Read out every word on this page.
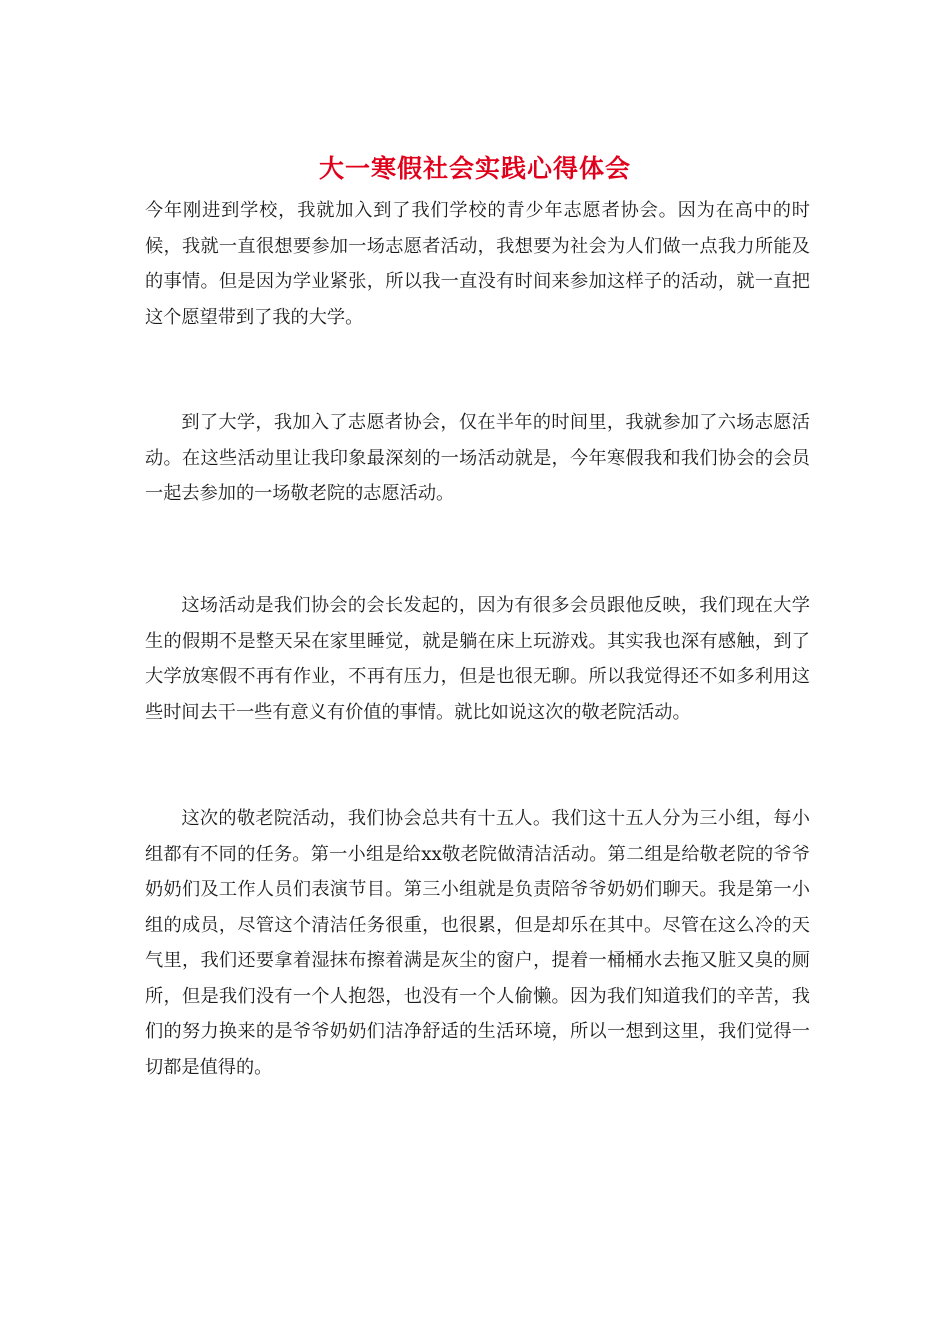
大一寒假社会实践心得体会

今年刚进到学校，我就加入到了我们学校的青少年志愿者协会。因为在高中的时候，我就一直很想要参加一场志愿者活动，我想要为社会为人们做一点我力所能及的事情。但是因为学业紧张，所以我一直没有时间来参加这样子的活动，就一直把这个愿望带到了我的大学。

到了大学，我加入了志愿者协会，仅在半年的时间里，我就参加了六场志愿活动。在这些活动里让我印象最深刻的一场活动就是，今年寒假我和我们协会的会员一起去参加的一场敬老院的志愿活动。

这场活动是我们协会的会长发起的，因为有很多会员跟他反映，我们现在大学生的假期不是整天呆在家里睡觉，就是躺在床上玩游戏。其实我也深有感触，到了大学放寒假不再有作业，不再有压力，但是也很无聊。所以我觉得还不如多利用这些时间去干一些有意义有价值的事情。就比如说这次的敬老院活动。

这次的敬老院活动，我们协会总共有十五人。我们这十五人分为三小组，每小组都有不同的任务。第一小组是给xx敬老院做清洁活动。第二组是给敬老院的爷爷奶奶们及工作人员们表演节目。第三小组就是负责陪爷爷奶奶们聊天。我是第一小组的成员，尽管这个清洁任务很重，也很累，但是却乐在其中。尽管在这么冷的天气里，我们还要拿着湿抹布擦着满是灰尘的窗户，提着一桶桶水去拖又脏又臭的厕所，但是我们没有一个人抱怨，也没有一个人偷懒。因为我们知道我们的辛苦，我们的努力换来的是爷爷奶奶们洁净舒适的生活环境，所以一想到这里，我们觉得一切都是值得的。
